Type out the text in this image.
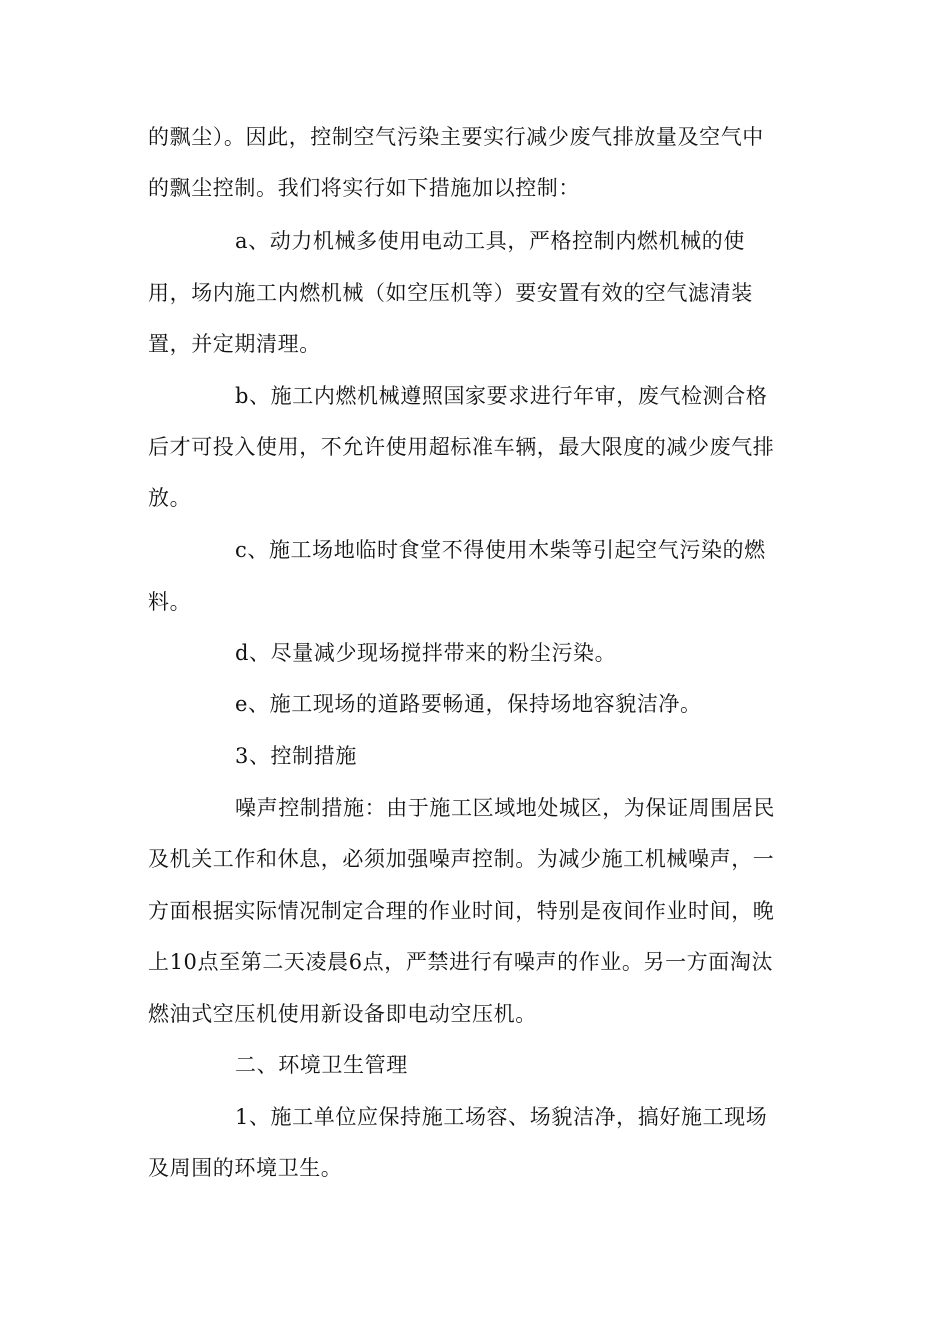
的飘尘）。因此，控制空气污染主要实行减少废气排放量及空气中
的飘尘控制。我们将实行如下措施加以控制：
a、动力机械多使用电动工具，严格控制内燃机械的使
用，场内施工内燃机械（如空压机等）要安置有效的空气滤清装
置，并定期清理。
b、施工内燃机械遵照国家要求进行年审，废气检测合格
后才可投入使用，不允许使用超标准车辆，最大限度的减少废气排
放。
c、施工场地临时食堂不得使用木柴等引起空气污染的燃
料。
d、尽量减少现场搅拌带来的粉尘污染。
e、施工现场的道路要畅通，保持场地容貌洁净。
3、控制措施
噪声控制措施：由于施工区域地处城区，为保证周围居民
及机关工作和休息，必须加强噪声控制。为减少施工机械噪声，一
方面根据实际情况制定合理的作业时间，特别是夜间作业时间，晚
上10点至第二天凌晨6点，严禁进行有噪声的作业。另一方面淘汰
燃油式空压机使用新设备即电动空压机。
二、环境卫生管理
1、施工单位应保持施工场容、场貌洁净，搞好施工现场
及周围的环境卫生。
